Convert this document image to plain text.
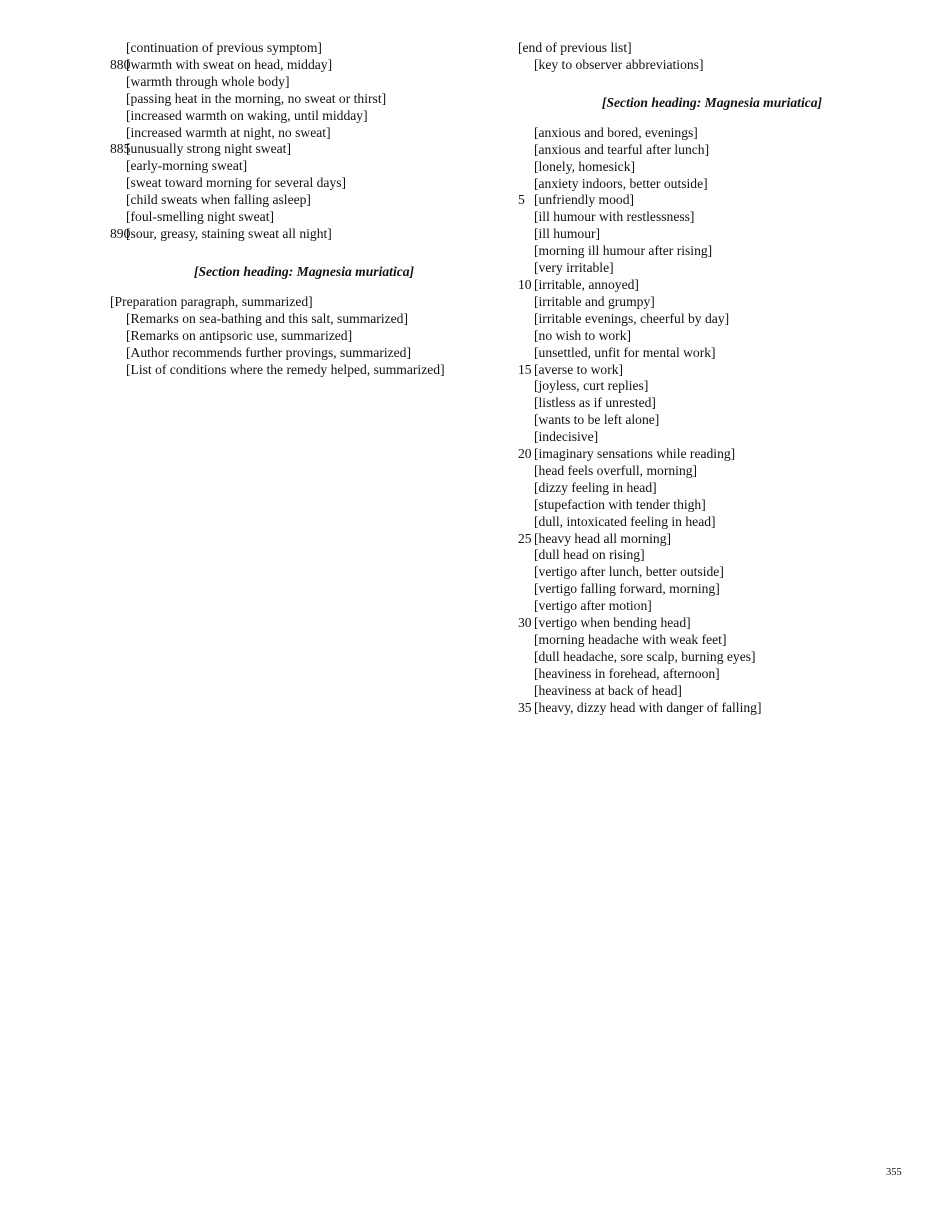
[continuation of previous symptom]
880
[warmth with sweat on head, midday]
[warmth through whole body]
[passing heat in the morning, no sweat or thirst]
[increased warmth on waking, until midday]
[increased warmth at night, no sweat]
885
[unusually strong night sweat]
[early-morning sweat]
[sweat toward morning for several days]
[child sweats when falling asleep]
[foul-smelling night sweat]
890
[sour, greasy, staining sweat all night]
[Section heading: Magnesia muriatica]
[Preparation paragraph, summarized]
[Remarks on sea-bathing and this salt, summarized]
[Remarks on antipsoric use, summarized]
[Author recommends further provings, summarized]
[List of conditions where the remedy helped, summarized]
[end of previous list]
[key to observer abbreviations]
[Section heading: Magnesia muriatica]
[anxious and bored, evenings]
[anxious and tearful after lunch]
[lonely, homesick]
[anxiety indoors, better outside]
5 [unfriendly mood]
[ill humour with restlessness]
[ill humour]
[morning ill humour after rising]
[very irritable]
10 [irritable, annoyed]
[irritable and grumpy]
[irritable evenings, cheerful by day]
[no wish to work]
[unsettled, unfit for mental work]
15 [averse to work]
[joyless, curt replies]
[listless as if unrested]
[wants to be left alone]
[indecisive]
20 [imaginary sensations while reading]
[head feels overfull, morning]
[dizzy feeling in head]
[stupefaction with tender thigh]
[dull, intoxicated feeling in head]
25 [heavy head all morning]
[dull head on rising]
[vertigo after lunch, better outside]
[vertigo falling forward, morning]
[vertigo after motion]
30 [vertigo when bending head]
[morning headache with weak feet]
[dull headache, sore scalp, burning eyes]
[heaviness in forehead, afternoon]
[heaviness at back of head]
35 [heavy, dizzy head with danger of falling]
355
